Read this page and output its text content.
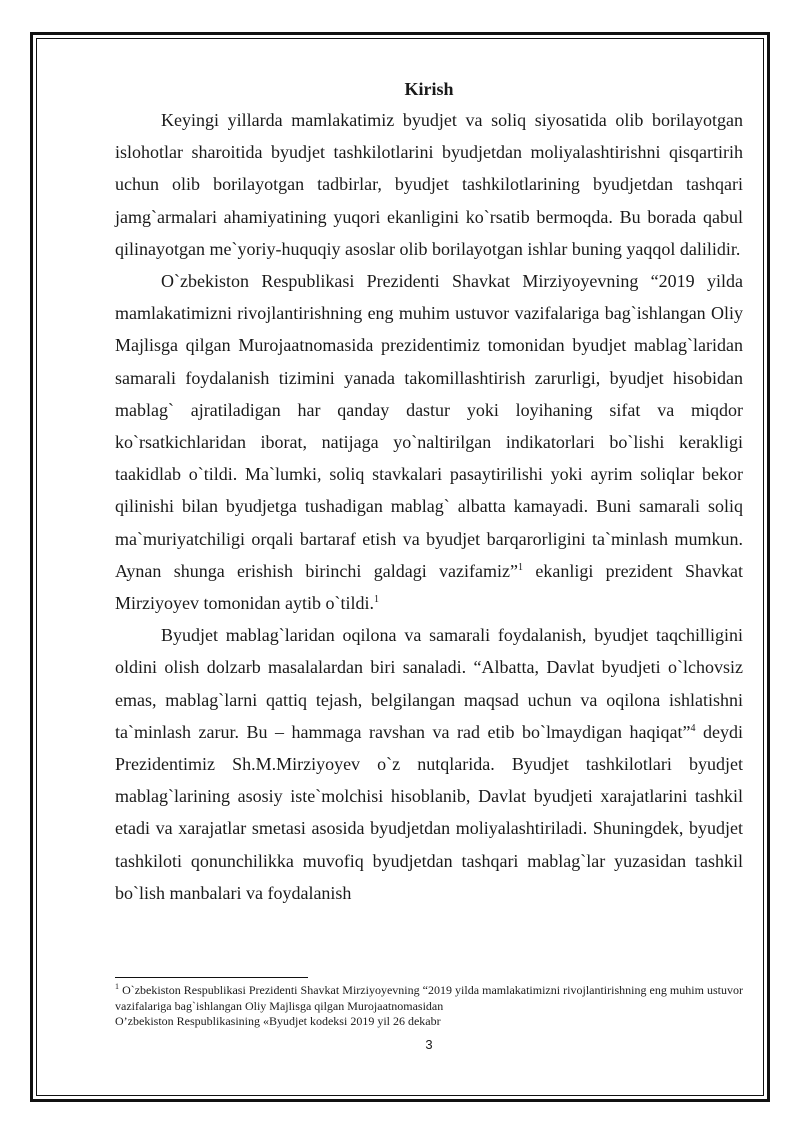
Kirish

Keyingi yillarda mamlakatimiz byudjet va soliq siyosatida olib borilayotgan islohotlar sharoitida byudjet tashkilotlarini byudjetdan moliyalashtirishni qisqartirih uchun olib borilayotgan tadbirlar, byudjet tashkilotlarining byudjetdan tashqari jamg`armalari ahamiyatining yuqori ekanligini ko`rsatib bermoqda. Bu borada qabul qilinayotgan me`yoriy-huquqiy asoslar olib borilayotgan ishlar buning yaqqol dalilidir.

O`zbekiston Respublikasi Prezidenti Shavkat Mirziyoyevning “2019 yilda mamlakatimizni rivojlantirishning eng muhim ustuvor vazifalariga bag`ishlangan Oliy Majlisga qilgan Murojaatnomasida prezidentimiz tomonidan byudjet mablag`laridan samarali foydalanish tizimini yanada takomillashtirish zarurligi, byudjet hisobidan mablag` ajratiladigan har qanday dastur yoki loyihaning sifat va miqdor ko`rsatkichlaridan iborat, natijaga yo`naltirilgan indikatorlari bo`lishi kerakligi taakidlab o`tildi. Ma`lumki, soliq stavkalari pasaytirilishi yoki ayrim soliqlar bekor qilinishi bilan byudjetga tushadigan mablag` albatta kamayadi. Buni samarali soliq ma`muriyatchiligi orqali bartaraf etish va byudjet barqarorligini ta`minlash mumkun. Aynan shunga erishish birinchi galdagi vazifamiz”$^1$ ekanligi prezident Shavkat Mirziyoyev tomonidan aytib o`tildi.$^1$

Byudjet mablag`laridan oqilona va samarali foydalanish, byudjet taqchilligini oldini olish dolzarb masalalardan biri sanaladi. “Albatta, Davlat byudjeti o`lchovsiz emas, mablag`larni qattiq tejash, belgilangan maqsad uchun va oqilona ishlatishni ta`minlash zarur. Bu – hammaga ravshan va rad etib bo`lmaydigan haqiqat”$^4$ deydi Prezidentimiz Sh.M.Mirziyoyev o`z nutqlarida. Byudjet tashkilotlari byudjet mablag`larining asosiy iste`molchisi hisoblanib, Davlat byudjeti xarajatlarini tashkil etadi va xarajatlar smetasi asosida byudjetdan moliyalashtiriladi. Shuningdek, byudjet tashkiloti qonunchilikka muvofiq byudjetdan tashqari mablag`lar yuzasidan tashkil bo`lish manbalari va foydalanish

$^1$ O`zbekiston Respublikasi Prezidenti Shavkat Mirziyoyevning “2019 yilda mamlakatimizni rivojlantirishning eng muhim ustuvor vazifalariga bag`ishlangan Oliy Majlisga qilgan Murojaatnomasidan

O’zbekiston Respublikasining «Byudjet kodeksi 2019 yil 26 dekabr

3
